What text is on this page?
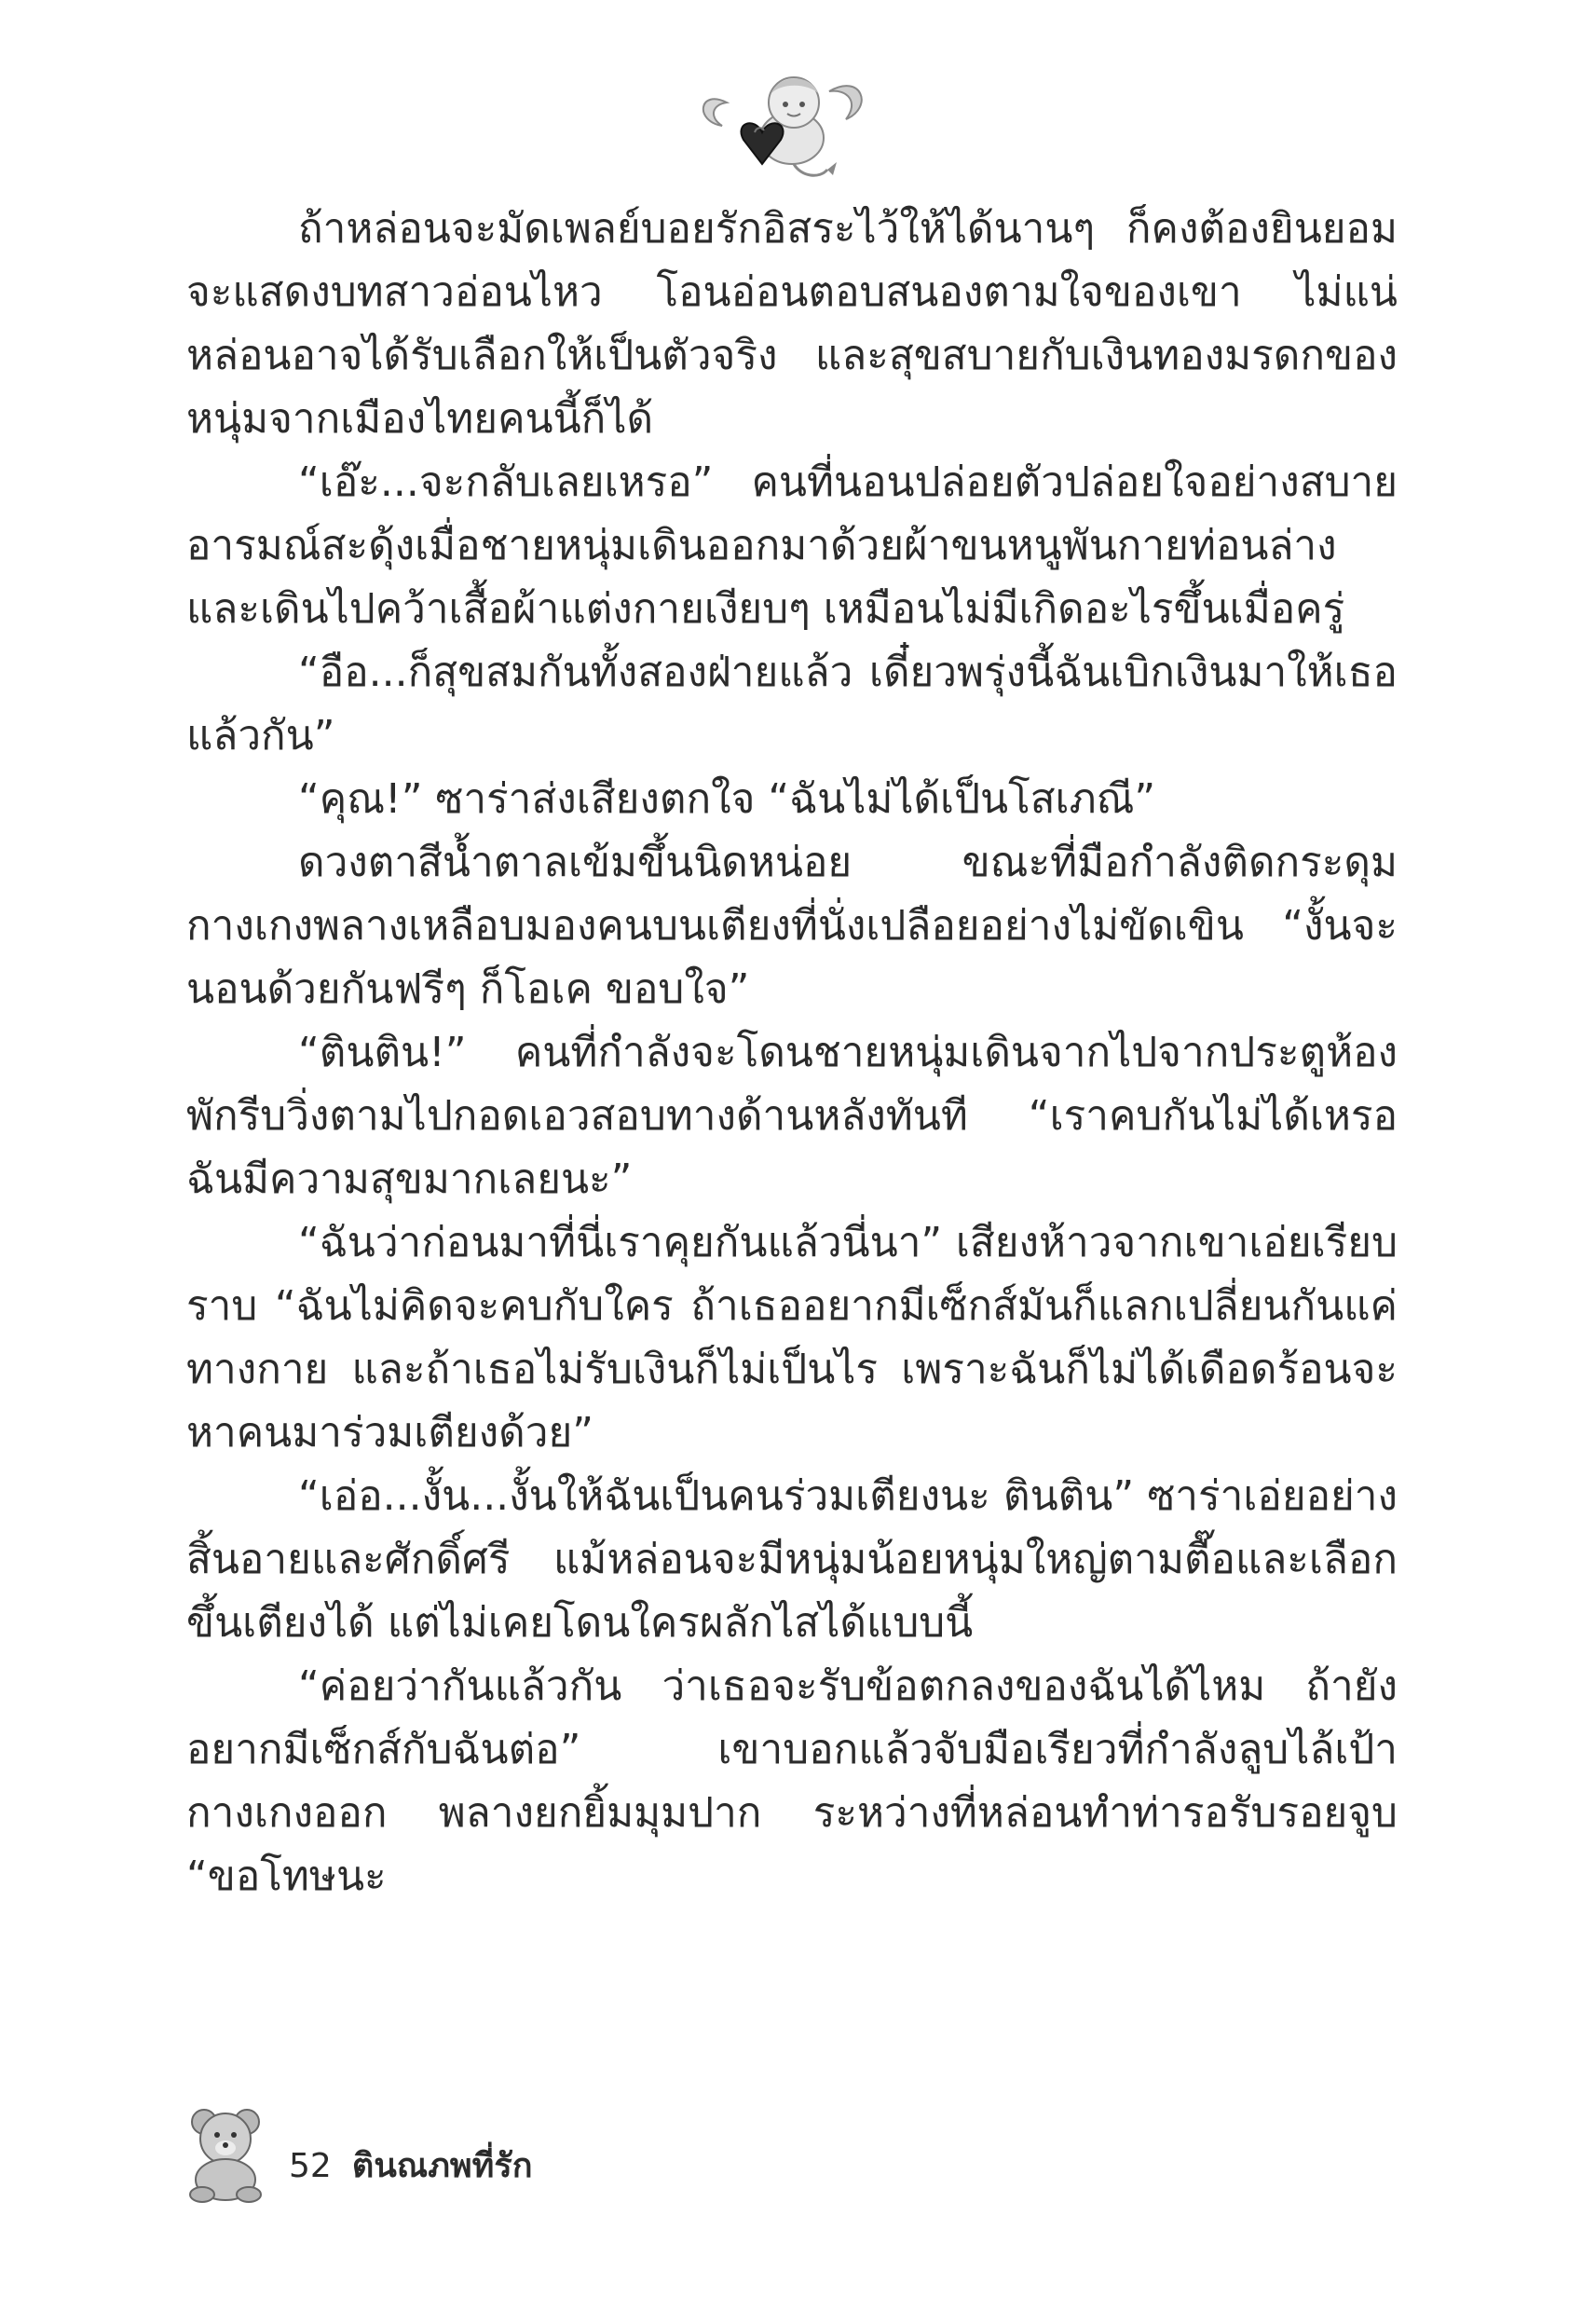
ถ้าหล่อนจะมัดเพลย์บอยรักอิสระไว้ให้ได้นานๆ ก็คงต้องยินยอมจะแสดงบทสาวอ่อนไหว โอนอ่อนตอบสนองตามใจของเขา ไม่แน่หล่อนอาจได้รับเลือกให้เป็นตัวจริง และสุขสบายกับเงินทองมรดกของหนุ่มจากเมืองไทยคนนี้ก็ได้

“เอ๊ะ...จะกลับเลยเหรอ” คนที่นอนปล่อยตัวปล่อยใจอย่างสบายอารมณ์สะดุ้งเมื่อชายหนุ่มเดินออกมาด้วยผ้าขนหนูพันกายท่อนล่างและเดินไปคว้าเสื้อผ้าแต่งกายเงียบๆ เหมือนไม่มีเกิดอะไรขึ้นเมื่อครู่

“อือ...ก็สุขสมกันทั้งสองฝ่ายแล้ว เดี๋ยวพรุ่งนี้ฉันเบิกเงินมาให้เธอแล้วกัน”

“คุณ!” ซาร่าส่งเสียงตกใจ “ฉันไม่ได้เป็นโสเภณี”

ดวงตาสีน้ำตาลเข้มขึ้นนิดหน่อย ขณะที่มือกำลังติดกระดุมกางเกงพลางเหลือบมองคนบนเตียงที่นั่งเปลือยอย่างไม่ขัดเขิน “งั้นจะนอนด้วยกันฟรีๆ ก็โอเค ขอบใจ”

“ตินติน!” คนที่กำลังจะโดนชายหนุ่มเดินจากไปจากประตูห้องพักรีบวิ่งตามไปกอดเอวสอบทางด้านหลังทันที “เราคบกันไม่ได้เหรอฉันมีความสุขมากเลยนะ”

“ฉันว่าก่อนมาที่นี่เราคุยกันแล้วนี่นา” เสียงห้าวจากเขาเอ่ยเรียบราบ “ฉันไม่คิดจะคบกับใคร ถ้าเธออยากมีเซ็กส์มันก็แลกเปลี่ยนกันแค่ทางกาย และถ้าเธอไม่รับเงินก็ไม่เป็นไร เพราะฉันก็ไม่ได้เดือดร้อนจะหาคนมาร่วมเตียงด้วย”

“เอ่อ...งั้น...งั้นให้ฉันเป็นคนร่วมเตียงนะ ตินติน” ซาร่าเอ่ยอย่างสิ้นอายและศักดิ์ศรี แม้หล่อนจะมีหนุ่มน้อยหนุ่มใหญ่ตามตื๊อและเลือกขึ้นเตียงได้ แต่ไม่เคยโดนใครผลักไสได้แบบนี้

“ค่อยว่ากันแล้วกัน ว่าเธอจะรับข้อตกลงของฉันได้ไหม ถ้ายังอยากมีเซ็กส์กับฉันต่อ” เขาบอกแล้วจับมือเรียวที่กำลังลูบไล้เป้ากางเกงออก พลางยกยิ้มมุมปาก ระหว่างที่หล่อนทำท่ารอรับรอยจูบ “ขอโทษนะ

52 ตินณภพที่รัก
